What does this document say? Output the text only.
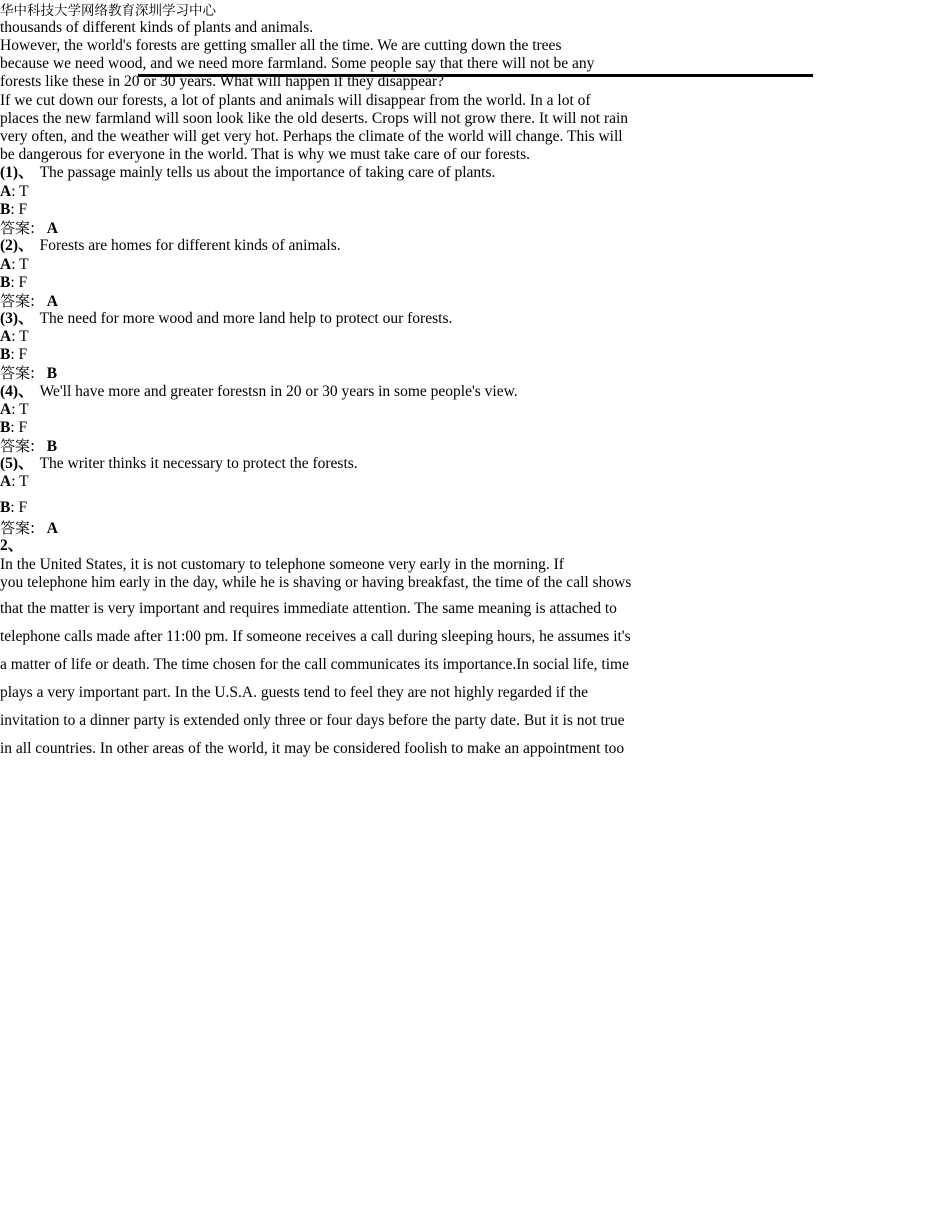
华中科技大学网络教育深圳学习中心
thousands of different kinds of plants and animals.
However, the world's forests are getting smaller all the time. We are cutting down the trees
because we need wood, and we need more farmland. Some people say that there will not be any
forests like these in 20 or 30 years. What will happen if they disappear?
If we cut down our forests, a lot of plants and animals will disappear from the world. In a lot of
places the new farmland will soon look like the old deserts. Crops will not grow there. It will not rain
very often, and the weather will get very hot. Perhaps the climate of the world will change. This will
be dangerous for everyone in the world. That is why we must take care of our forests.
(1)、 The passage mainly tells us about the importance of taking care of plants.
A: T
B: F
答案: A
(2)、 Forests are homes for different kinds of animals.
A: T
B: F
答案: A
(3)、 The need for more wood and more land help to protect our forests.
A: T
B: F
答案: B
(4)、 We'll have more and greater forestsn in 20 or 30 years in some people's view.
A: T
B: F
答案: B
(5)、 The writer thinks it necessary to protect the forests.
A: T
B: F
答案: A
2、
In the United States, it is not customary to telephone someone very early in the morning. If
you telephone him early in the day, while he is shaving or having breakfast, the time of the call shows
that the matter is very important and requires immediate attention. The same meaning is attached to
telephone calls made after 11:00 pm. If someone receives a call during sleeping hours, he assumes it's
a matter of life or death. The time chosen for the call communicates its importance.In social life, time
plays a very important part. In the U.S.A. guests tend to feel they are not highly regarded if the
invitation to a dinner party is extended only three or four days before the party date. But it is not true
in all countries. In other areas of the world, it may be considered foolish to make an appointment too
